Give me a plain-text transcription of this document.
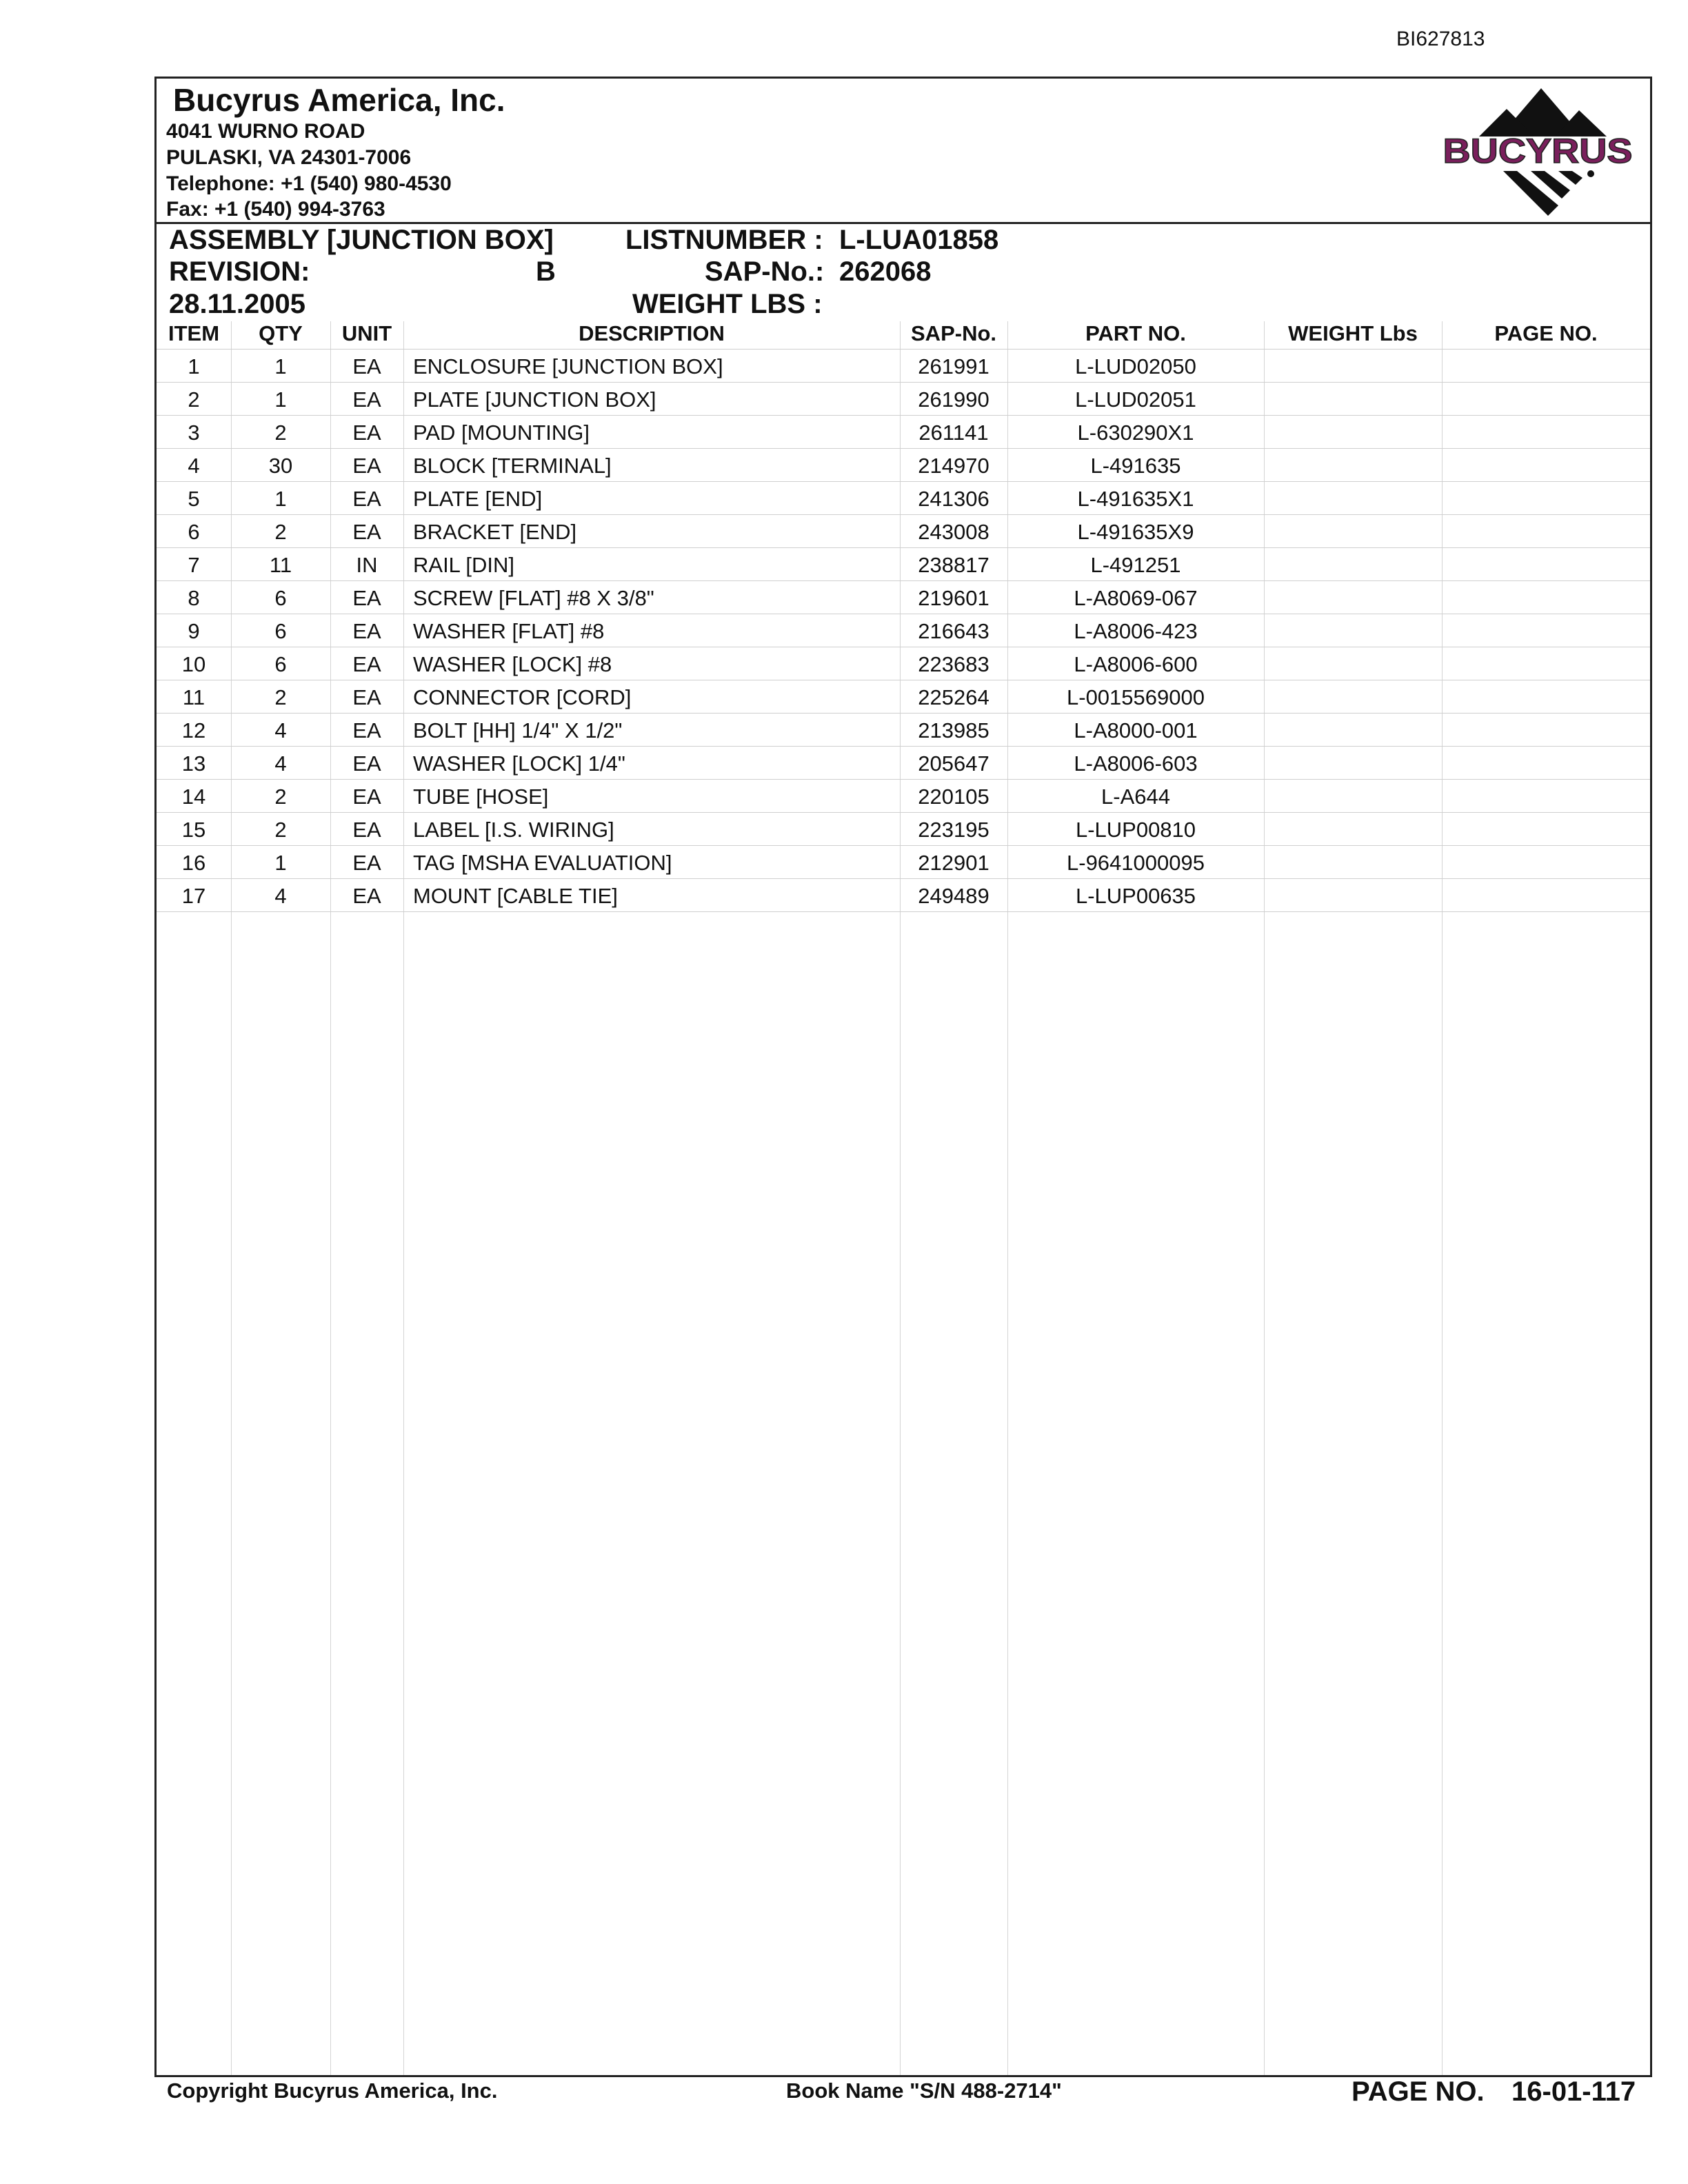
BI627813
Bucyrus America, Inc.
4041 WURNO ROAD
PULASKI, VA 24301-7006
Telephone: +1 (540) 980-4530
Fax: +1 (540) 994-3763
BUCYRUS
ASSEMBLY [JUNCTION BOX]	LISTNUMBER : L-LUA01858
REVISION:	B	SAP-No.: 262068
28.11.2005	WEIGHT LBS :
ITEM	QTY	UNIT	DESCRIPTION	SAP-No.	PART NO.	WEIGHT Lbs	PAGE NO.
1	1	EA	ENCLOSURE [JUNCTION BOX]	261991	L-LUD02050
2	1	EA	PLATE [JUNCTION BOX]	261990	L-LUD02051
3	2	EA	PAD [MOUNTING]	261141	L-630290X1
4	30	EA	BLOCK [TERMINAL]	214970	L-491635
5	1	EA	PLATE [END]	241306	L-491635X1
6	2	EA	BRACKET [END]	243008	L-491635X9
7	11	IN	RAIL [DIN]	238817	L-491251
8	6	EA	SCREW [FLAT] #8 X 3/8"	219601	L-A8069-067
9	6	EA	WASHER [FLAT] #8	216643	L-A8006-423
10	6	EA	WASHER [LOCK] #8	223683	L-A8006-600
11	2	EA	CONNECTOR [CORD]	225264	L-0015569000
12	4	EA	BOLT [HH] 1/4" X 1/2"	213985	L-A8000-001
13	4	EA	WASHER [LOCK] 1/4"	205647	L-A8006-603
14	2	EA	TUBE [HOSE]	220105	L-A644
15	2	EA	LABEL [I.S. WIRING]	223195	L-LUP00810
16	1	EA	TAG [MSHA EVALUATION]	212901	L-9641000095
17	4	EA	MOUNT [CABLE TIE]	249489	L-LUP00635
Copyright Bucyrus America, Inc.	Book Name "S/N 488-2714"	PAGE NO. 16-01-117
